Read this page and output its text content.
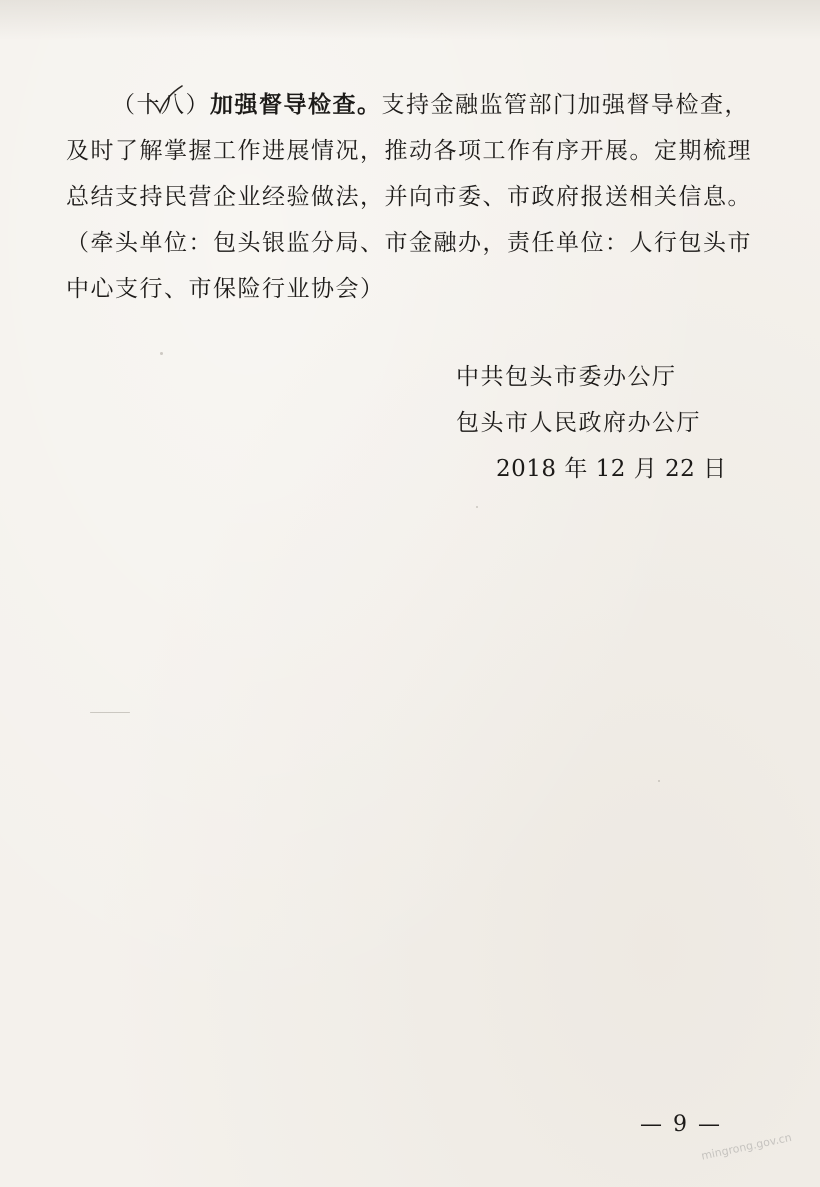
（十八）加强督导检查。支持金融监管部门加强督导检查，
及时了解掌握工作进展情况，推动各项工作有序开展。定期梳理
总结支持民营企业经验做法，并向市委、市政府报送相关信息。
（牵头单位：包头银监分局、市金融办，责任单位：人行包头市
中心支行、市保险行业协会）
中共包头市委办公厅
包头市人民政府办公厅
2018 年 12 月 22 日
— 9 —
mingrong.gov.cn
